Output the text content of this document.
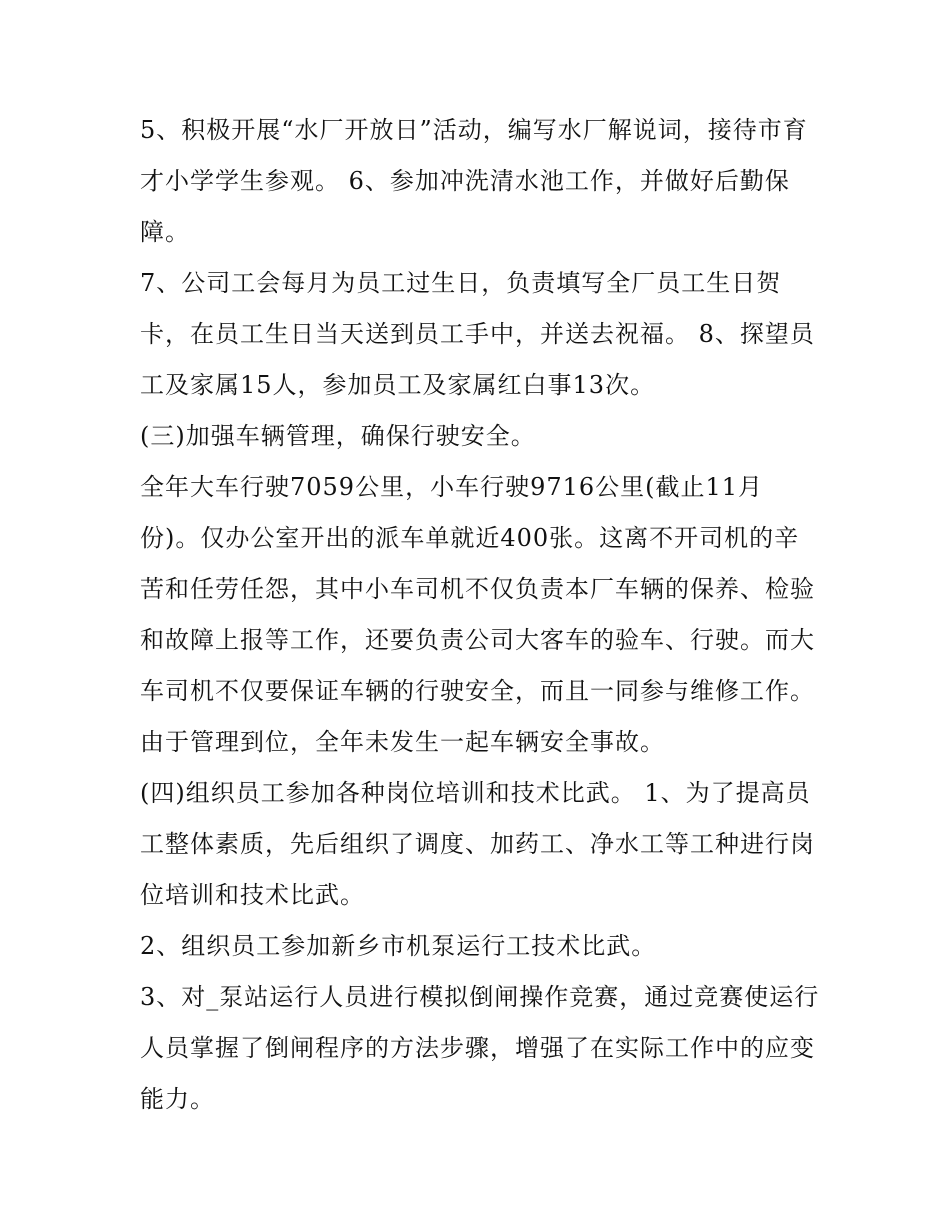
5、积极开展“水厂开放日”活动，编写水厂解说词，接待市育才小学学生参观。 6、参加冲洗清水池工作，并做好后勤保障。

7、公司工会每月为员工过生日，负责填写全厂员工生日贺卡，在员工生日当天送到员工手中，并送去祝福。 8、探望员工及家属15人，参加员工及家属红白事13次。

(三)加强车辆管理，确保行驶安全。

全年大车行驶7059公里，小车行驶9716公里(截止11月份)。仅办公室开出的派车单就近400张。这离不开司机的辛苦和任劳任怨，其中小车司机不仅负责本厂车辆的保养、检验和故障上报等工作，还要负责公司大客车的验车、行驶。而大车司机不仅要保证车辆的行驶安全，而且一同参与维修工作。由于管理到位，全年未发生一起车辆安全事故。

(四)组织员工参加各种岗位培训和技术比武。 1、为了提高员工整体素质，先后组织了调度、加药工、净水工等工种进行岗位培训和技术比武。

2、组织员工参加新乡市机泵运行工技术比武。

3、对_泵站运行人员进行模拟倒闸操作竞赛，通过竞赛使运行人员掌握了倒闸程序的方法步骤，增强了在实际工作中的应变能力。
